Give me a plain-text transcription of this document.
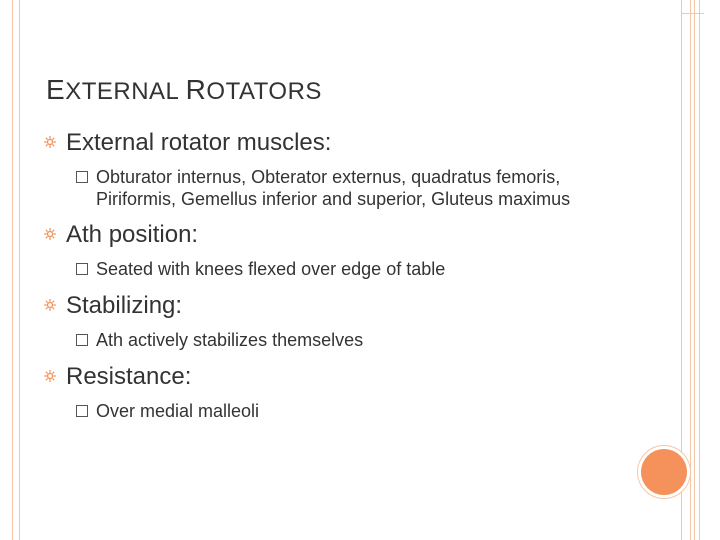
EXTERNAL ROTATORS
External rotator muscles:
Obturator internus, Obterator externus, quadratus femoris, Piriformis, Gemellus inferior and superior, Gluteus maximus
Ath position:
Seated with knees flexed over edge of table
Stabilizing:
Ath actively stabilizes themselves
Resistance:
Over medial malleoli
